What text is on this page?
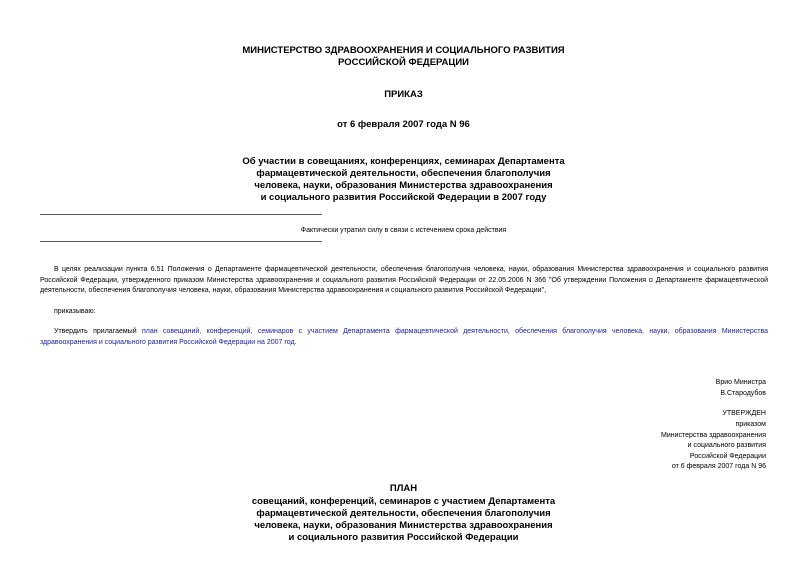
МИНИСТЕРСТВО ЗДРАВООХРАНЕНИЯ И СОЦИАЛЬНОГО РАЗВИТИЯ
РОССИЙСКОЙ ФЕДЕРАЦИИ
ПРИКАЗ
от 6 февраля 2007 года N 96
Об участии в совещаниях, конференциях, семинарах Департамента
фармацевтической деятельности, обеспечения благополучия
человека, науки, образования Министерства здравоохранения
и социального развития Российской Федерации в 2007 году
Фактически утратил силу в связи с истечением срока действия
В целях реализации пункта 6.51 Положения о Департаменте фармацевтической деятельности, обеспечения благополучия человека, науки, образования Министерства здравоохранения и социального развития Российской Федерации, утвержденного приказом Министерства здравоохранения и социального развития Российской Федерации от 22.05.2006 N 366 "Об утверждении Положения о Департаменте фармацевтической деятельности, обеспечения благополучия человека, науки, образования Министерства здравоохранения и социального развития Российской Федерации",
приказываю:
Утвердить прилагаемый план совещаний, конференций, семинаров с участием Департамента фармацевтической деятельности, обеспечения благополучия человека, науки, образования Министерства здравоохранения и социального развития Российской Федерации на 2007 год.
Врио Министра
В.Стародубов
УТВЕРЖДЕН
приказом
Министерства здравоохранения
и социального развития
Российской Федерации
от 6 февраля 2007 года N 96
ПЛАН
совещаний, конференций, семинаров с участием Департамента
фармацевтической деятельности, обеспечения благополучия
человека, науки, образования Министерства здравоохранения
и социального развития Российской Федерации
